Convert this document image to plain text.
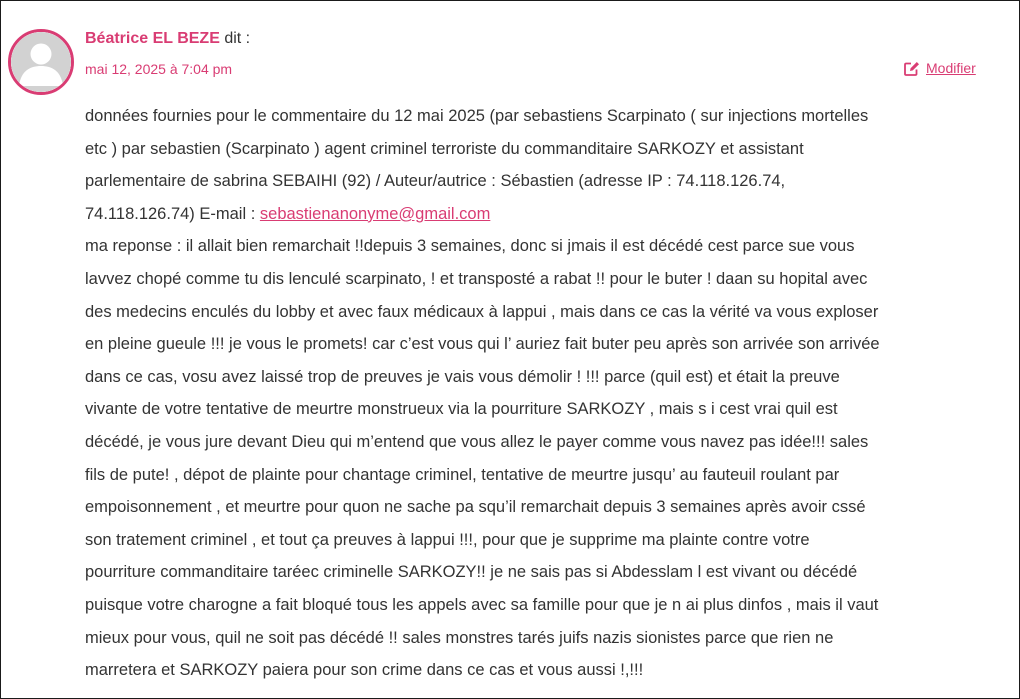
Béatrice EL BEZE dit :
mai 12, 2025 à 7:04 pm	Modifier
données fournies pour le commentaire du 12 mai 2025 (par sebastiens Scarpinato ( sur injections mortelles
etc ) par sebastien (Scarpinato ) agent criminel terroriste du commanditaire SARKOZY et assistant
parlementaire de sabrina SEBAIHI (92) / Auteur/autrice : Sébastien (adresse IP : 74.118.126.74,
74.118.126.74) E-mail : sebastienanonyme@gmail.com
ma reponse : il allait bien remarchait !!depuis 3 semaines, donc si jmais il est décédé cest parce sue vous
lavvez chopé comme tu dis lenculé scarpinato, ! et transposté a rabat !! pour le buter ! daan su hopital avec
des medecins enculés du lobby et avec faux médicaux à lappui , mais dans ce cas la vérité va vous exploser
en pleine gueule !!! je vous le promets! car c’est vous qui l’ auriez fait buter peu après son arrivée son arrivée
dans ce cas, vosu avez laissé trop de preuves je vais vous démolir ! !!! parce (quil est) et était la preuve
vivante de votre tentative de meurtre monstrueux via la pourriture SARKOZY , mais s i cest vrai quil est
décédé, je vous jure devant Dieu qui m’entend que vous allez le payer comme vous navez pas idée!!! sales
fils de pute! , dépot de plainte pour chantage criminel, tentative de meurtre jusqu’ au fauteuil roulant par
empoisonnement , et meurtre pour quon ne sache pa squ’il remarchait depuis 3 semaines après avoir cssé
son tratement criminel , et tout ça preuves à lappui !!!, pour que je supprime ma plainte contre votre
pourriture commanditaire taréec criminelle SARKOZY!! je ne sais pas si Abdesslam l est vivant ou décédé
puisque votre charogne a fait bloqué tous les appels avec sa famille pour que je n ai plus dinfos , mais il vaut
mieux pour vous, quil ne soit pas décédé !! sales monstres tarés juifs nazis sionistes parce que rien ne
marretera et SARKOZY paiera pour son crime dans ce cas et vous aussi !,!!!
